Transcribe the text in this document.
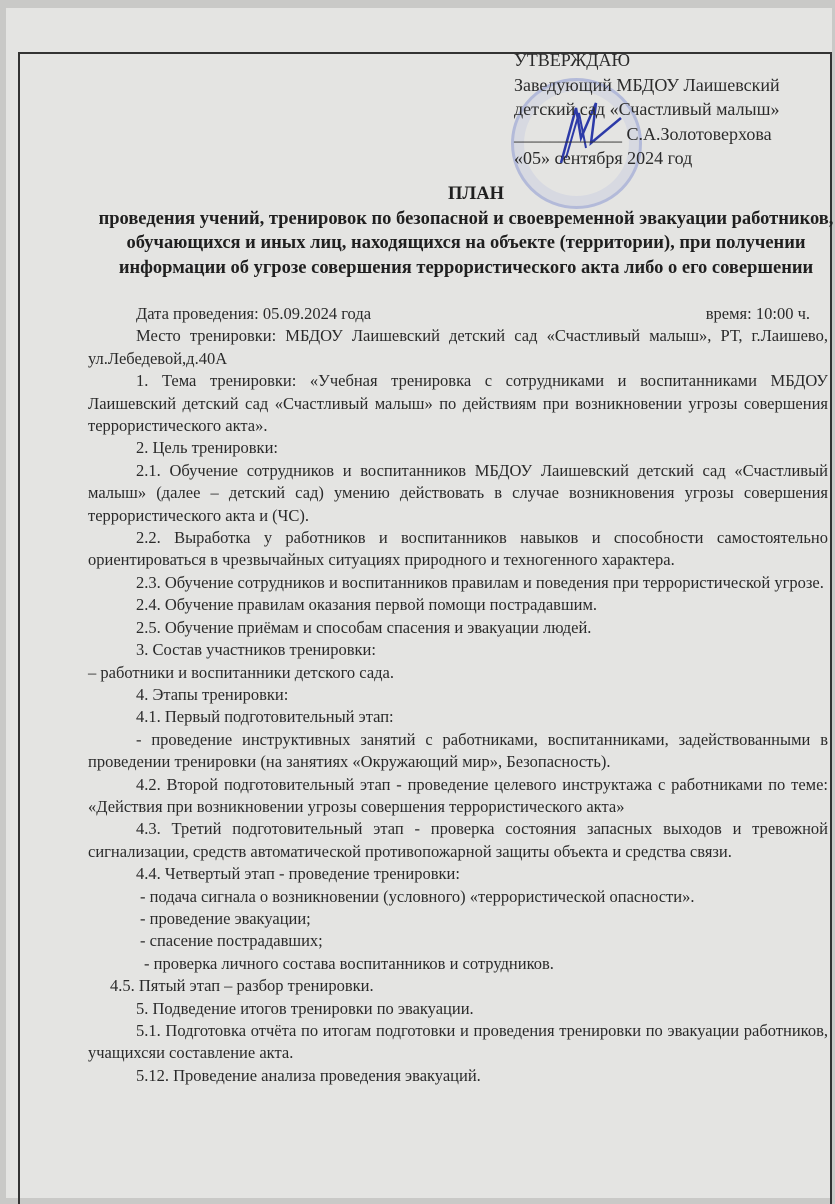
УТВЕРЖДАЮ
Заведующий МБДОУ Лаишевский
детский сад «Счастливый малыш»
____________ С.А.Золотоверхова
«05» сентября 2024 год
ПЛАН
проведения учений, тренировок по безопасной и своевременной эвакуации работников, обучающихся и иных лиц, находящихся на объекте (территории), при получении информации об угрозе совершения террористического акта либо о его совершении
Дата проведения: 05.09.2024 года	время: 10:00 ч.

Место тренировки: МБДОУ Лаишевский детский сад «Счастливый малыш», РТ, г.Лаишево, ул.Лебедевой,д.40А

1. Тема тренировки: «Учебная тренировка с сотрудниками и воспитанниками МБДОУ Лаишевский детский сад «Счастливый малыш» по действиям при возникновении угрозы совершения террористического акта».

2. Цель тренировки:

2.1. Обучение сотрудников и воспитанников МБДОУ Лаишевский детский сад «Счастливый малыш» (далее – детский сад) умению действовать в случае возникновения угрозы совершения террористического акта и (ЧС).

2.2. Выработка у работников и воспитанников навыков и способности самостоятельно ориентироваться в чрезвычайных ситуациях природного и техногенного характера.

2.3. Обучение сотрудников и воспитанников правилам и поведения при террористической угрозе.

2.4. Обучение правилам оказания первой помощи пострадавшим.

2.5. Обучение приёмам и способам спасения и эвакуации людей.

3. Состав участников тренировки:

– работники и воспитанники детского сада.

4. Этапы тренировки:

4.1. Первый подготовительный этап:

- проведение инструктивных занятий с работниками, воспитанниками, задействованными в проведении тренировки (на занятиях «Окружающий мир», Безопасность).

4.2. Второй подготовительный этап - проведение целевого инструктажа с работниками по теме: «Действия при возникновении угрозы совершения террористического акта»

4.3. Третий подготовительный этап - проверка состояния запасных выходов и тревожной сигнализации, средств автоматической противопожарной защиты объекта и средства связи.

4.4. Четвертый этап - проведение тренировки:

- подача сигнала о возникновении (условного) «террористической опасности».

- проведение эвакуации;

- спасение пострадавших;

- проверка личного состава воспитанников и сотрудников.

4.5. Пятый этап – разбор тренировки.

5. Подведение итогов тренировки по эвакуации.

5.1. Подготовка отчёта по итогам подготовки и проведения тренировки по эвакуации работников, учащихсяи составление акта.

5.12. Проведение анализа проведения эвакуаций.
